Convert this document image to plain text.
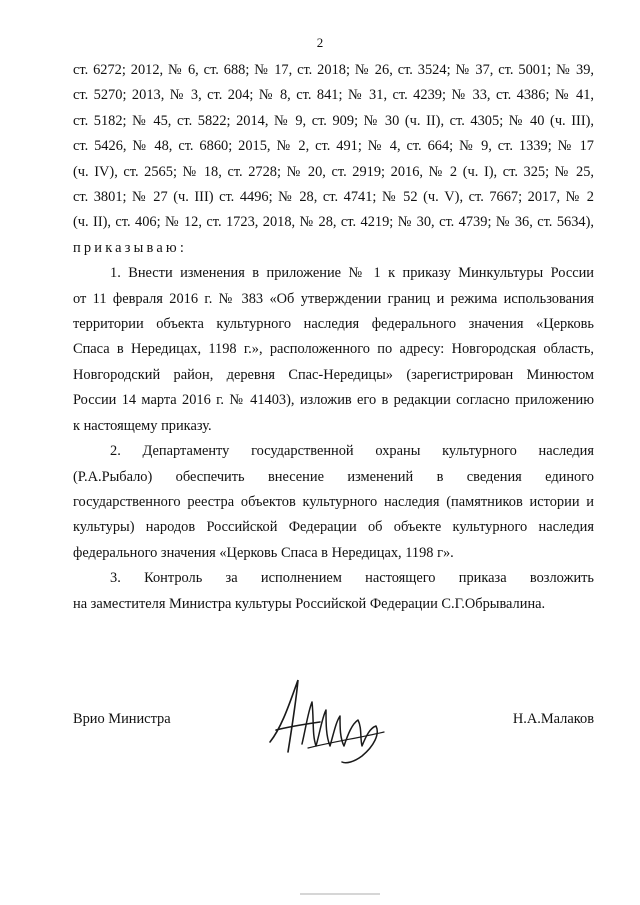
2

ст. 6272; 2012, № 6, ст. 688; № 17, ст. 2018; № 26, ст. 3524; № 37, ст. 5001; № 39,
ст. 5270; 2013, № 3, ст. 204; № 8, ст. 841; № 31, ст. 4239; № 33, ст. 4386; № 41,
ст. 5182; № 45, ст. 5822; 2014, № 9, ст. 909; № 30 (ч. II), ст. 4305; № 40 (ч. III),
ст. 5426, № 48, ст. 6860; 2015, № 2, ст. 491; № 4, ст. 664; № 9, ст. 1339; № 17
(ч. IV), ст. 2565; № 18, ст. 2728; № 20, ст. 2919; 2016, № 2 (ч. I), ст. 325; № 25,
ст. 3801; № 27 (ч. III) ст. 4496; № 28, ст. 4741; № 52 (ч. V), ст. 7667; 2017, № 2
(ч. II), ст. 406; № 12, ст. 1723, 2018, № 28, ст. 4219; № 30, ст. 4739; № 36, ст. 5634),
приказываю:

1. Внести изменения в приложение № 1 к приказу Минкультуры России
от 11 февраля 2016 г. № 383 «Об утверждении границ и режима использования
территории объекта культурного наследия федерального значения «Церковь
Спаса в Нередицах, 1198 г.», расположенного по адресу: Новгородская область,
Новгородский район, деревня Спас-Нередицы» (зарегистрирован Минюстом
России 14 марта 2016 г. № 41403), изложив его в редакции согласно приложению
к настоящему приказу.

2. Департаменту государственной охраны культурного наследия
(Р.А.Рыбало) обеспечить внесение изменений в сведения единого
государственного реестра объектов культурного наследия (памятников истории и
культуры) народов Российской Федерации об объекте культурного наследия
федерального значения «Церковь Спаса в Нередицах, 1198 г».

3. Контроль за исполнением настоящего приказа возложить
на заместителя Министра культуры Российской Федерации С.Г.Обрывалина.

Врио Министра	Н.А.Малаков
